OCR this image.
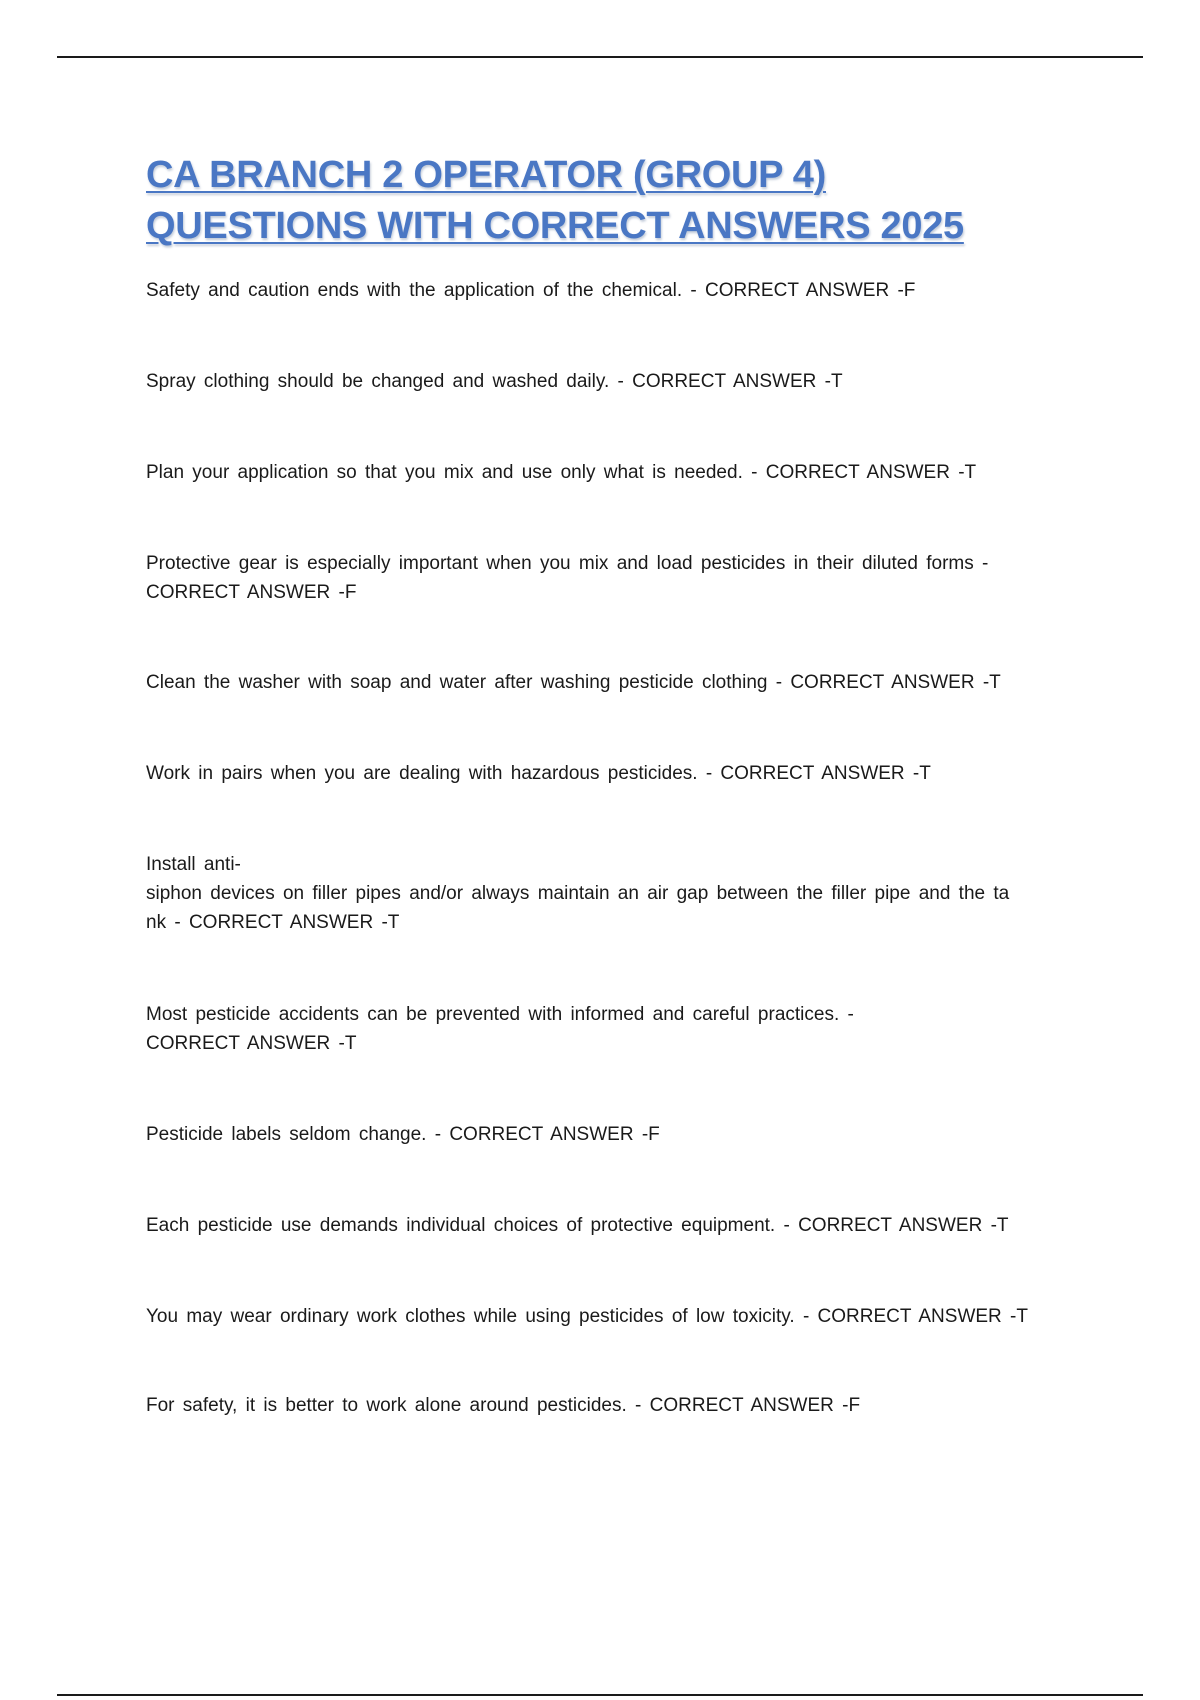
CA BRANCH 2 OPERATOR (GROUP 4)
QUESTIONS WITH CORRECT ANSWERS 2025

Safety and caution ends with the application of the chemical. - CORRECT ANSWER -F

Spray clothing should be changed and washed daily. - CORRECT ANSWER -T

Plan your application so that you mix and use only what is needed. - CORRECT ANSWER -T

Protective gear is especially important when you mix and load pesticides in their diluted forms -
CORRECT ANSWER -F

Clean the washer with soap and water after washing pesticide clothing - CORRECT ANSWER -T

Work in pairs when you are dealing with hazardous pesticides. - CORRECT ANSWER -T

Install anti-
siphon devices on filler pipes and/or always maintain an air gap between the filler pipe and the ta
nk - CORRECT ANSWER -T

Most pesticide accidents can be prevented with informed and careful practices. -
CORRECT ANSWER -T

Pesticide labels seldom change. - CORRECT ANSWER -F

Each pesticide use demands individual choices of protective equipment. - CORRECT ANSWER -T

You may wear ordinary work clothes while using pesticides of low toxicity. - CORRECT ANSWER -T

For safety, it is better to work alone around pesticides. - CORRECT ANSWER -F
